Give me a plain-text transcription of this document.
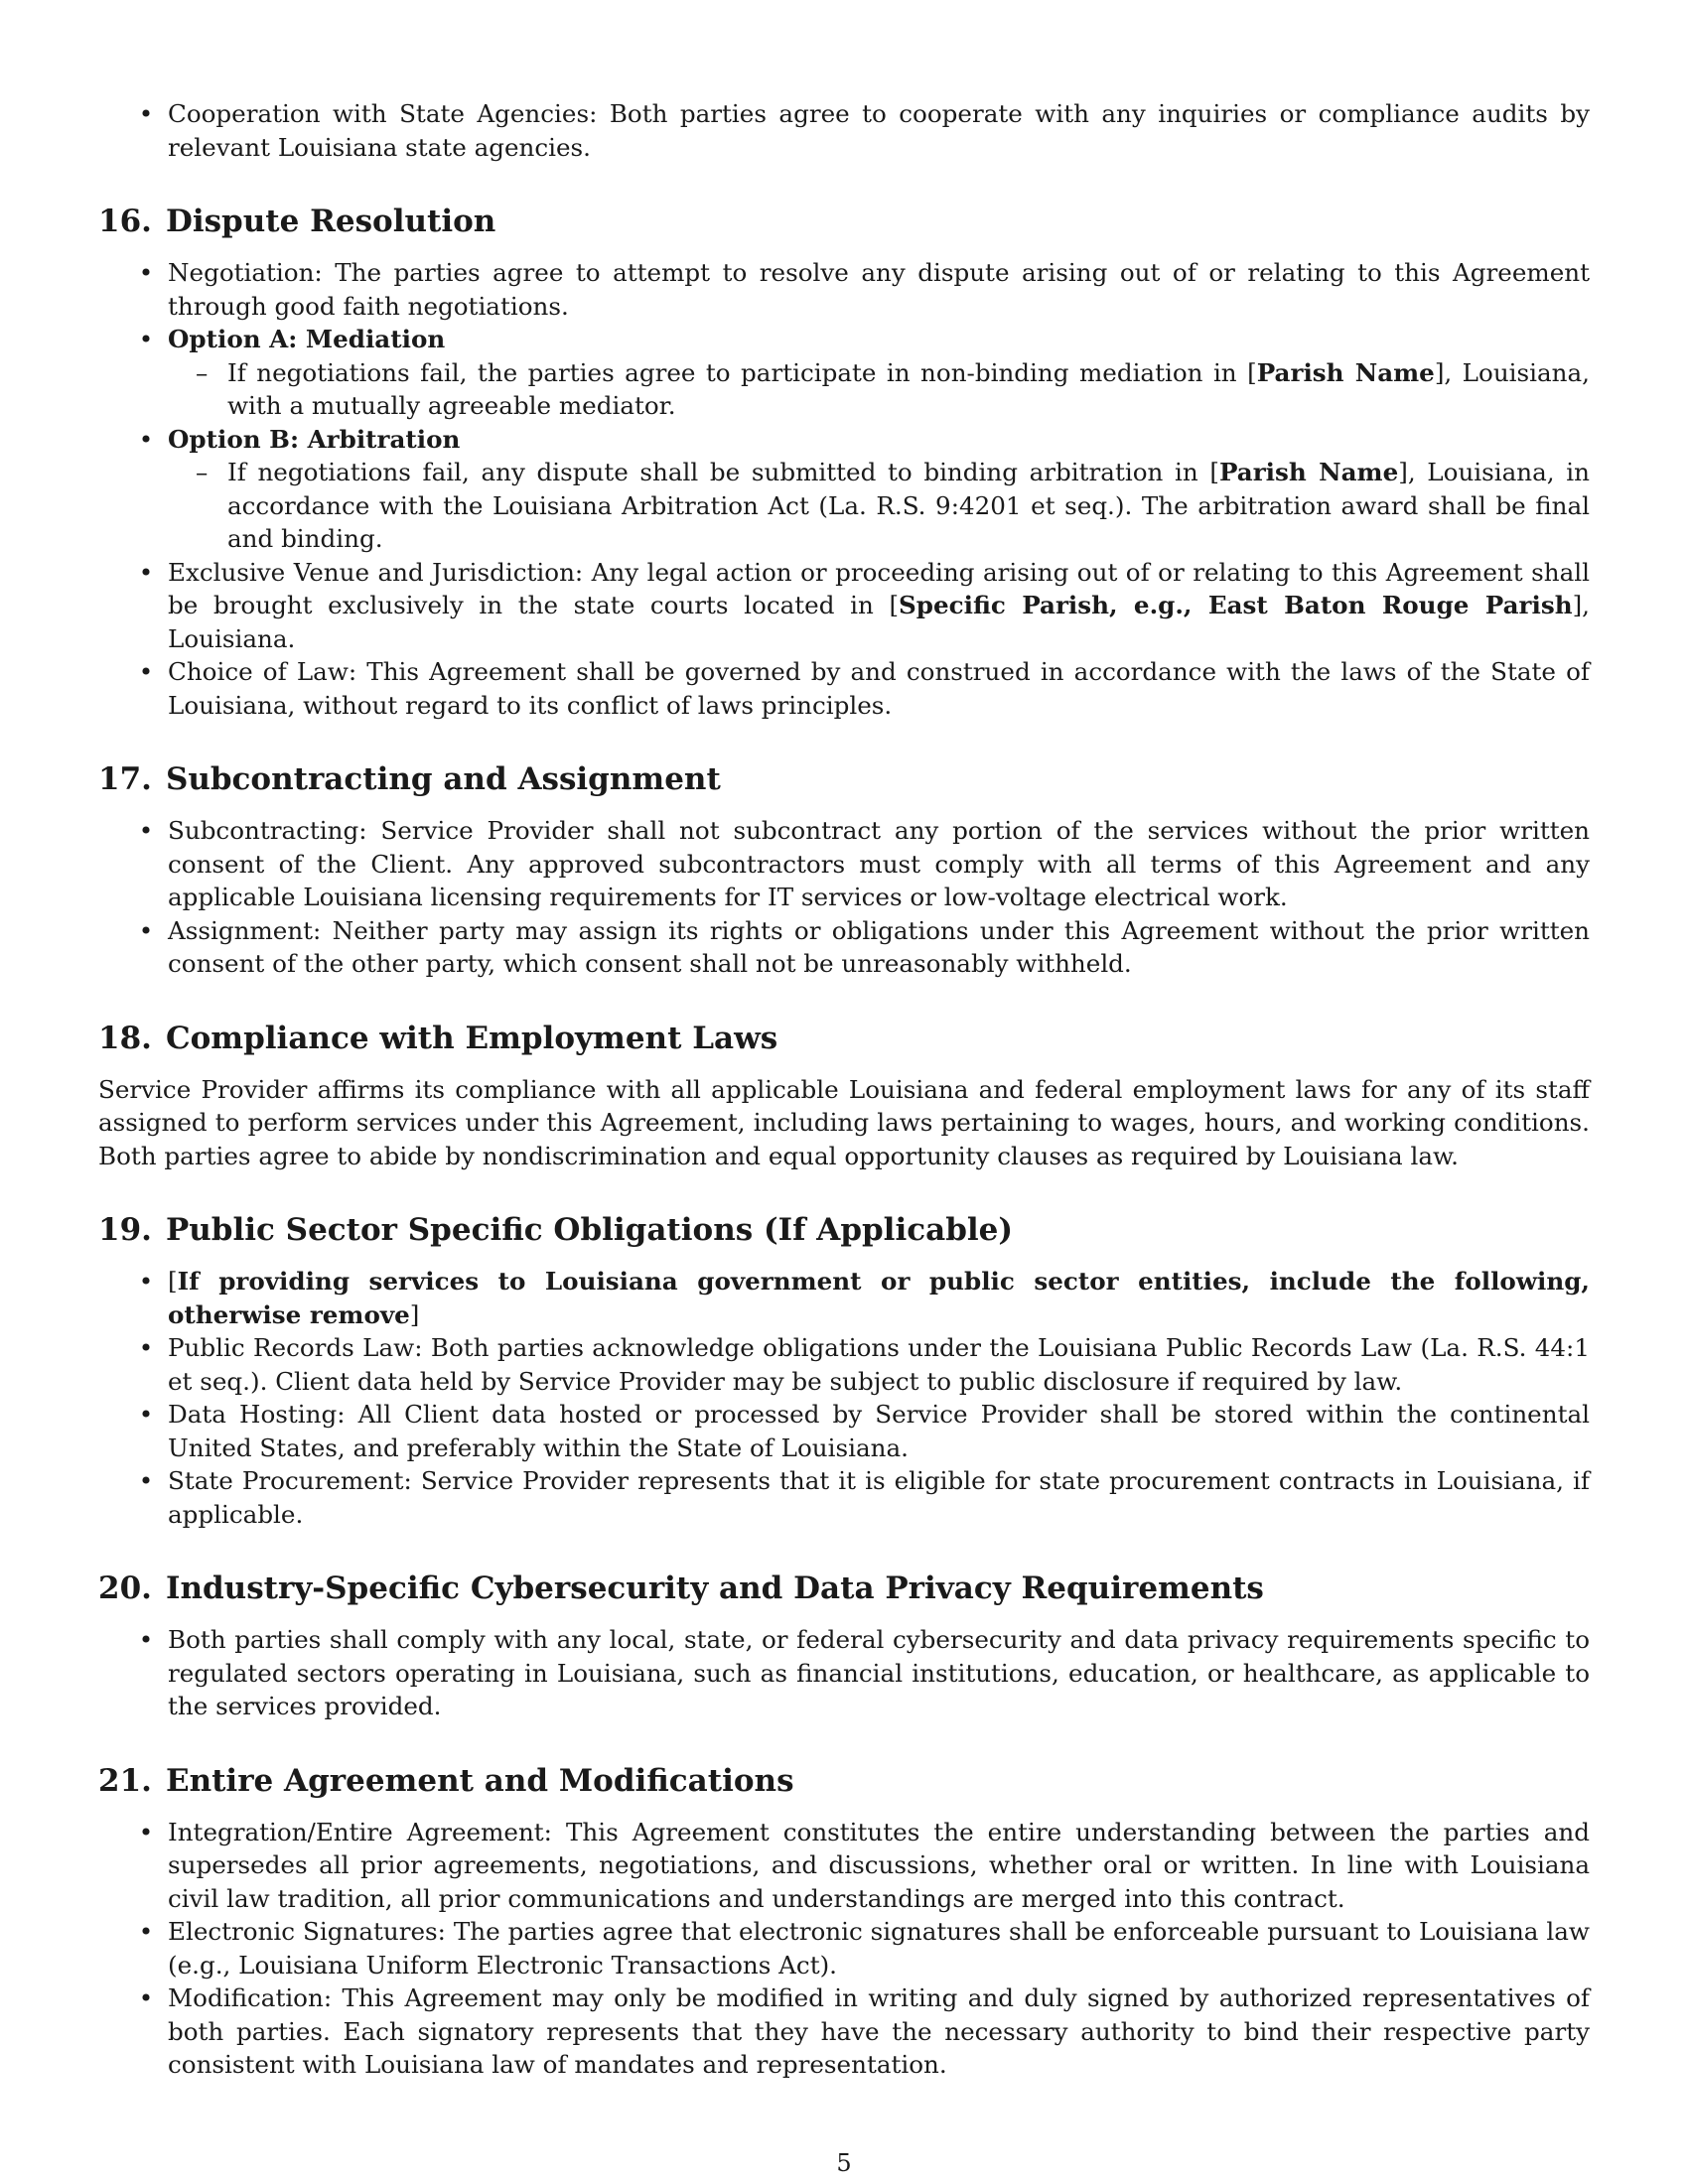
• Cooperation with State Agencies: Both parties agree to cooperate with any inquiries or compliance audits by relevant Louisiana state agencies.
16. Dispute Resolution
• Negotiation: The parties agree to attempt to resolve any dispute arising out of or relating to this Agreement through good faith negotiations.
• Option A: Mediation
– If negotiations fail, the parties agree to participate in non-binding mediation in [Parish Name], Louisiana, with a mutually agreeable mediator.
• Option B: Arbitration
– If negotiations fail, any dispute shall be submitted to binding arbitration in [Parish Name], Louisiana, in accordance with the Louisiana Arbitration Act (La. R.S. 9:4201 et seq.). The arbitration award shall be final and binding.
• Exclusive Venue and Jurisdiction: Any legal action or proceeding arising out of or relating to this Agreement shall be brought exclusively in the state courts located in [Specific Parish, e.g., East Baton Rouge Parish], Louisiana.
• Choice of Law: This Agreement shall be governed by and construed in accordance with the laws of the State of Louisiana, without regard to its conflict of laws principles.
17. Subcontracting and Assignment
• Subcontracting: Service Provider shall not subcontract any portion of the services without the prior written consent of the Client. Any approved subcontractors must comply with all terms of this Agreement and any applicable Louisiana licensing requirements for IT services or low-voltage electrical work.
• Assignment: Neither party may assign its rights or obligations under this Agreement without the prior written consent of the other party, which consent shall not be unreasonably withheld.
18. Compliance with Employment Laws

Service Provider affirms its compliance with all applicable Louisiana and federal employment laws for any of its staff assigned to perform services under this Agreement, including laws pertaining to wages, hours, and working conditions. Both parties agree to abide by nondiscrimination and equal opportunity clauses as required by Louisiana law.

19. Public Sector Specific Obligations (If Applicable)
• [If providing services to Louisiana government or public sector entities, include the following, otherwise remove]
• Public Records Law: Both parties acknowledge obligations under the Louisiana Public Records Law (La. R.S. 44:1 et seq.). Client data held by Service Provider may be subject to public disclosure if required by law.
• Data Hosting: All Client data hosted or processed by Service Provider shall be stored within the continental United States, and preferably within the State of Louisiana.
• State Procurement: Service Provider represents that it is eligible for state procurement contracts in Louisiana, if applicable.
20. Industry-Specific Cybersecurity and Data Privacy Requirements
• Both parties shall comply with any local, state, or federal cybersecurity and data privacy requirements specific to regulated sectors operating in Louisiana, such as financial institutions, education, or healthcare, as applicable to the services provided.
21. Entire Agreement and Modifications
• Integration/Entire Agreement: This Agreement constitutes the entire understanding between the parties and supersedes all prior agreements, negotiations, and discussions, whether oral or written. In line with Louisiana civil law tradition, all prior communications and understandings are merged into this contract.
• Electronic Signatures: The parties agree that electronic signatures shall be enforceable pursuant to Louisiana law (e.g., Louisiana Uniform Electronic Transactions Act).
• Modification: This Agreement may only be modified in writing and duly signed by authorized representatives of both parties. Each signatory represents that they have the necessary authority to bind their respective party consistent with Louisiana law of mandates and representation.
5
